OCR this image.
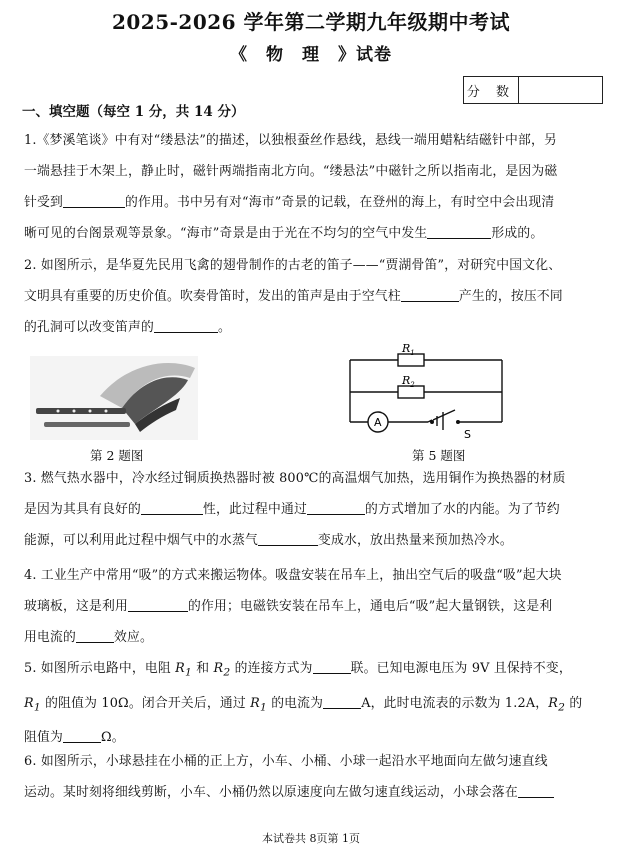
2025-2026 学年第二学期九年级期中考试
《　物　理　》试卷
分 数
一、填空题（每空 1 分，共 14 分）
1.《梦溪笔谈》中有对“缕悬法”的描述，以独根蚕丝作悬线，悬线一端用蜡粘结磁针中部，另
一端悬挂于木架上，静止时，磁针两端指南北方向。“缕悬法”中磁针之所以指南北，是因为磁
针受到	的作用。书中另有对“海市”奇景的记载，在登州的海上，有时空中会出现清
晰可见的台阁景观等景象。“海市”奇景是由于光在不均匀的空气中发生	形成的。
2. 如图所示，是华夏先民用飞禽的翅骨制作的古老的笛子——“贾湖骨笛”，对研究中国文化、
文明具有重要的历史价值。吹奏骨笛时，发出的笛声是由于空气柱	产生的，按压不同
的孔洞可以改变笛声的	。
第 2 题图
$R_1$
$R_2$
A
S
第 5 题图
3. 燃气热水器中，冷水经过铜质换热器时被 800℃的高温烟气加热，选用铜作为换热器的材质
是因为其具有良好的	性，此过程中通过	的方式增加了水的内能。为了节约
能源，可以利用此过程中烟气中的水蒸气	变成水，放出热量来预加热冷水。
4. 工业生产中常用“吸”的方式来搬运物体。吸盘安装在吊车上，抽出空气后的吸盘“吸”起大块
玻璃板，这是利用	的作用；电磁铁安装在吊车上，通电后“吸”起大量钢铁，这是利
用电流的	效应。
5. 如图所示电路中，电阻 $R_1$ 和 $R_2$ 的连接方式为	联。已知电源电压为 9V 且保持不变，
$R_1$ 的阻值为 10Ω。闭合开关后，通过 $R_1$ 的电流为	A，此时电流表的示数为 1.2A，$R_2$ 的
阻值为	Ω。
6. 如图所示，小球悬挂在小桶的正上方，小车、小桶、小球一起沿水平地面向左做匀速直线
运动。某时刻将细线剪断，小车、小桶仍然以原速度向左做匀速直线运动，小球会落在
本试卷共 8页第 1页
